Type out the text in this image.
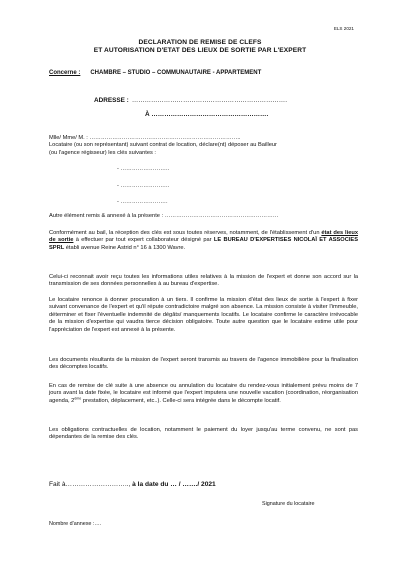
ELS 2021
DECLARATION DE REMISE DE CLEFS
ET AUTORISATION D'ETAT DES LIEUX DE SORTIE PAR L'EXPERT
Concerne : CHAMBRE – STUDIO – COMMUNAUTAIRE - APPARTEMENT
ADRESSE : ……………………………………………………………….
À ……………………………………………….
Mlle/ Mme/ M. : ……………………………………………………………………..
Locataire (ou son représentant) suivant contrat de location, déclare(nt) déposer au Bailleur
(ou l'agence régisseur) les clés suivantes :
- ……………………..
- ……………………..
- …………………….
Autre élément remis & annexé à la présente : ……………………………………………………
Conformément au bail, la réception des clés est sous toutes réserves, notamment, de l'établissement d'un état des lieux de sortie à effectuer par tout expert collaborateur désigné par LE BUREAU D'EXPERTISES NICOLAÏ ET ASSOCIES SPRL établi avenue Reine Astrid n° 16 à 1300 Wavre.
Celui-ci reconnait avoir reçu toutes les informations utiles relatives à la mission de l'expert et donne son accord sur la transmission de ses données personnelles à au bureau d'expertise.
Le locataire renonce à donner procuration à un tiers. Il confirme la mission d'état des lieux de sortie à l'expert à fixer suivant convenance de l'expert et qu'il répute contradictoire malgré son absence. La mission consiste à visiter l'immeuble, déterminer et fixer l'éventuelle indemnité de dégâts/ manquements locatifs. Le locataire confirme le caractère irrévocable de la mission d'expertise qui vaudra tierce décision obligatoire. Toute autre question que le locataire estime utile pour l'appréciation de l'expert est annexé à la présente.
Les documents résultants de la mission de l'expert seront transmis au travers de l'agence immobilière pour la finalisation des décomptes locatifs.
En cas de remise de clé suite à une absence ou annulation du locataire du rendez-vous initialement prévu moins de 7 jours avant la date fixée, le locataire est informé que l'expert imputera une nouvelle vacation (coordination, réorganisation agenda, 2ème prestation, déplacement, etc..). Celle-ci sera intégrée dans le décompte locatif.
Les obligations contractuelles de location, notamment le paiement du loyer jusqu'au terme convenu, ne sont pas dépendantes de la remise des clés.
Fait à……………………….., à la date du … / ……./ 2021
Signature du locataire
Nombre d'annexe :….
